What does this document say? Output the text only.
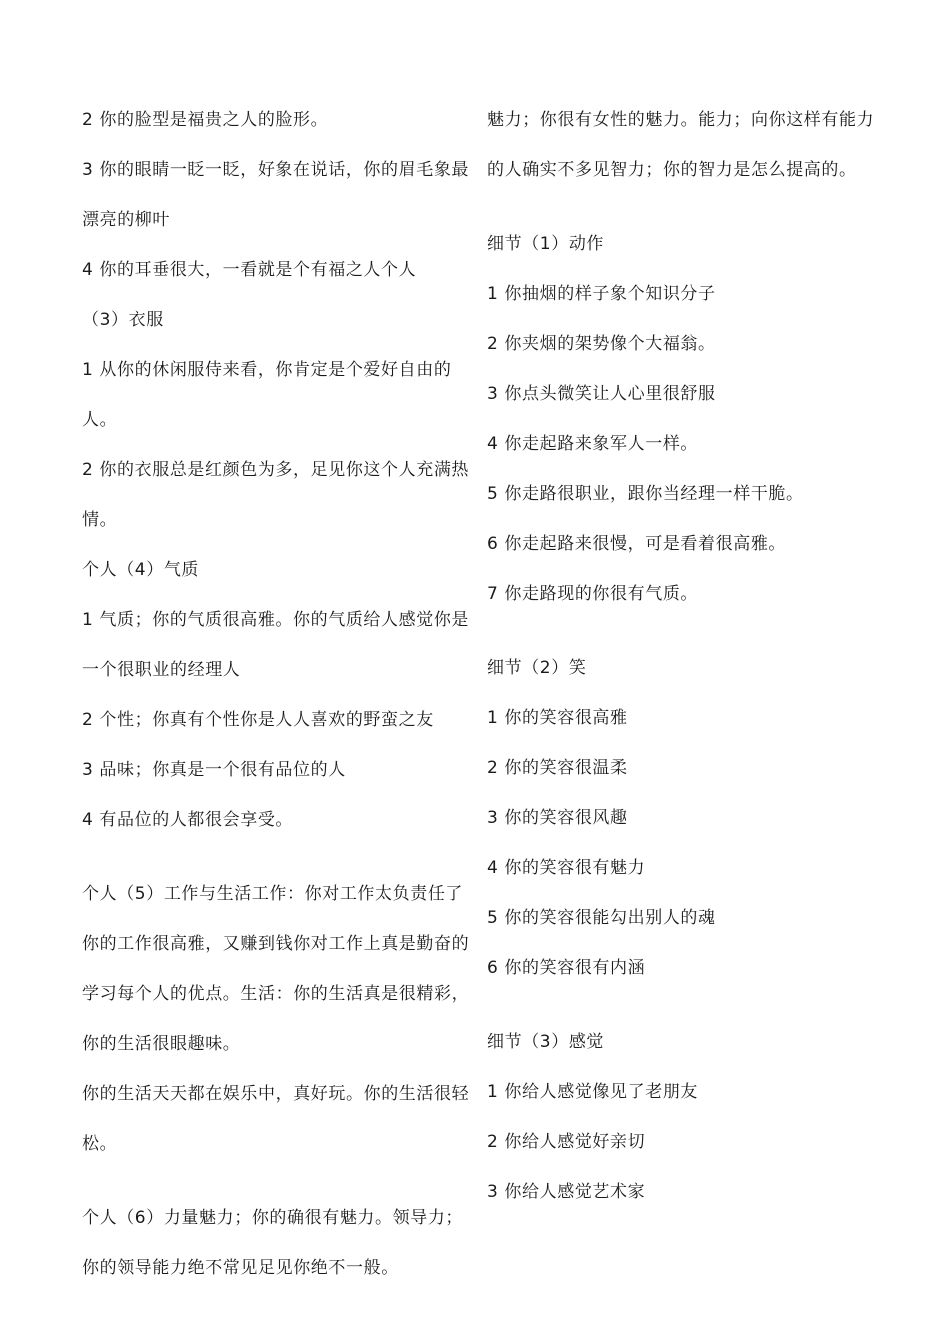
2 你的脸型是福贵之人的脸形。

3 你的眼睛一眨一眨，好象在说话，你的眉毛象最漂亮的柳叶

4 你的耳垂很大，一看就是个有福之人个人

（3）衣服

1 从你的休闲服侍来看，你肯定是个爱好自由的人。

2 你的衣服总是红颜色为多，足见你这个人充满热情。

个人（4）气质

1 气质；你的气质很高雅。你的气质给人感觉你是一个很职业的经理人

2 个性；你真有个性你是人人喜欢的野蛮之友

3 品味；你真是一个很有品位的人

4 有品位的人都很会享受。

个人（5）工作与生活工作：你对工作太负责任了你的工作很高雅，又赚到钱你对工作上真是勤奋的学习每个人的优点。生活：你的生活真是很精彩，你的生活很眼趣味。

你的生活天天都在娱乐中，真好玩。你的生活很轻松。

个人（6）力量魅力；你的确很有魅力。领导力；你的领导能力绝不常见足见你绝不一般。

魅力；你很有女性的魅力。能力；向你这样有能力的人确实不多见智力；你的智力是怎么提高的。

细节（1）动作

1 你抽烟的样子象个知识分子

2 你夹烟的架势像个大福翁。

3 你点头微笑让人心里很舒服

4 你走起路来象军人一样。

5 你走路很职业，跟你当经理一样干脆。

6 你走起路来很慢，可是看着很高雅。

7 你走路现的你很有气质。

细节（2）笑

1 你的笑容很高雅

2 你的笑容很温柔

3 你的笑容很风趣

4 你的笑容很有魅力

5 你的笑容很能勾出别人的魂

6 你的笑容很有内涵

细节（3）感觉

1 你给人感觉像见了老朋友

2 你给人感觉好亲切

3 你给人感觉艺术家
